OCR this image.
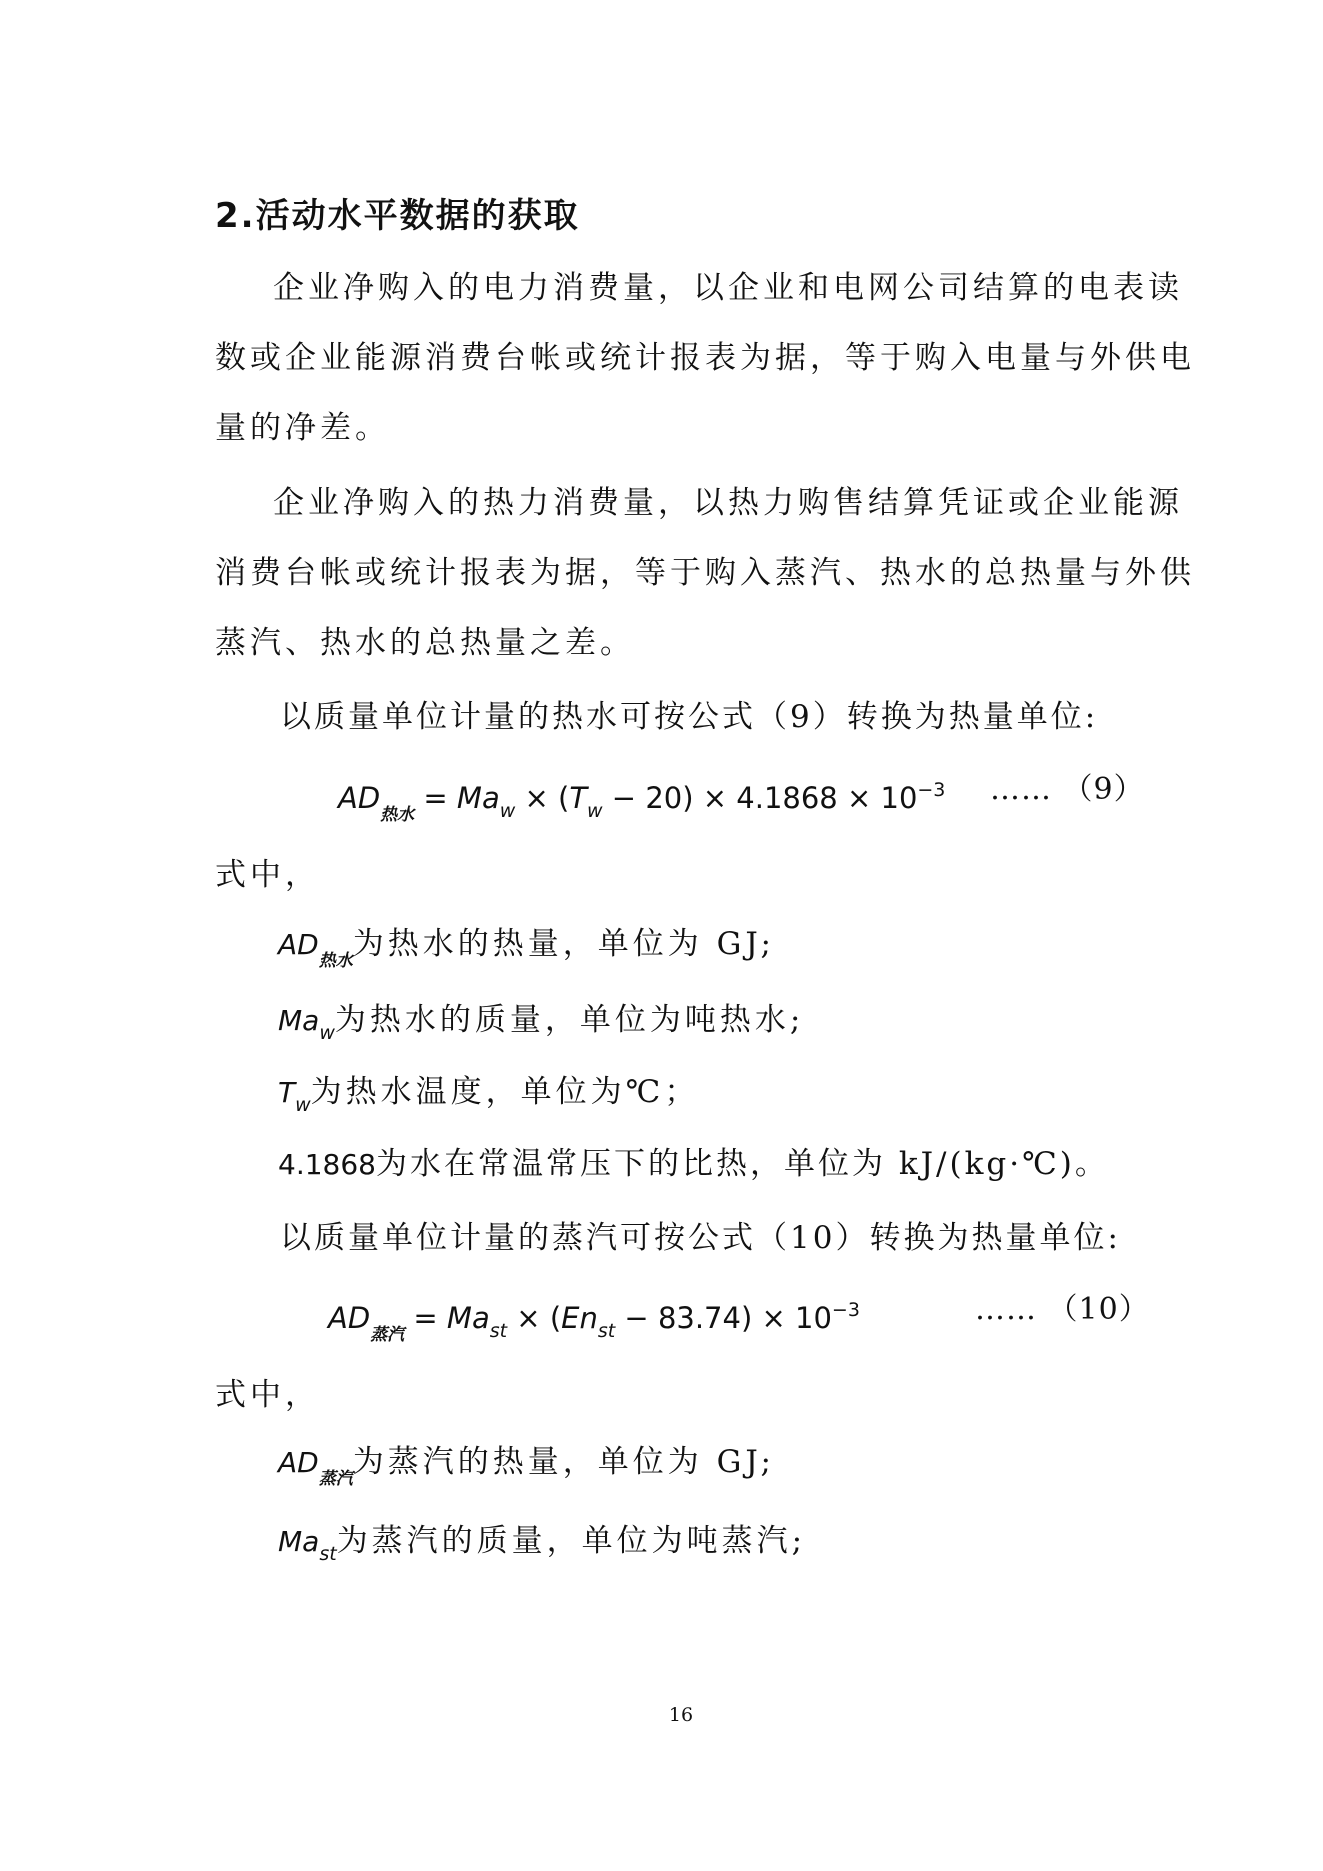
2.活动水平数据的获取
企业净购入的电力消费量，以企业和电网公司结算的电表读
数或企业能源消费台帐或统计报表为据，等于购入电量与外供电
量的净差。
企业净购入的热力消费量，以热力购售结算凭证或企业能源
消费台帐或统计报表为据，等于购入蒸汽、热水的总热量与外供
蒸汽、热水的总热量之差。
以质量单位计量的热水可按公式（9）转换为热量单位:
$AD_{热水} = Ma_w \times (T_w - 20) \times 4.1868 \times 10^{-3}$ …… （9）
式中，
$AD_{热水}$为热水的热量，单位为 GJ;
$Ma_w$为热水的质量，单位为吨热水;
$T_w$为热水温度，单位为℃；
4.1868为水在常温常压下的比热，单位为 kJ/(kg·℃)。
以质量单位计量的蒸汽可按公式（10）转换为热量单位:
$AD_{蒸汽} = Ma_{st} \times (En_{st} - 83.74) \times 10^{-3}$	…… （10）
式中，
$AD_{蒸汽}$为蒸汽的热量，单位为 GJ;
$Ma_{st}$为蒸汽的质量，单位为吨蒸汽;
16
